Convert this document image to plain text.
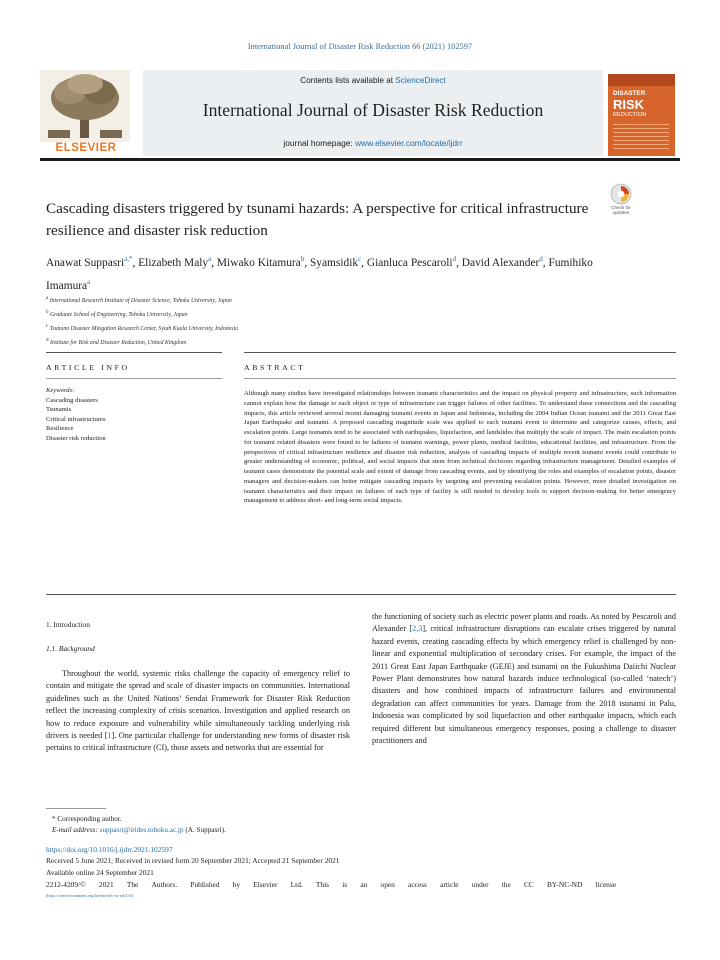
International Journal of Disaster Risk Reduction 66 (2021) 102597
ELSEVIER
Contents lists available at ScienceDirect
International Journal of Disaster Risk Reduction
journal homepage: www.elsevier.com/locate/ijdrr
DISASTER
RISK
REDUCTION
Cascading disasters triggered by tsunami hazards: A perspective for critical infrastructure resilience and disaster risk reduction
Check for
updates
Anawat Suppasri$^{a,*}$, Elizabeth Maly$^a$, Miwako Kitamura$^b$, Syamsidik$^c$, Gianluca Pescaroli$^d$, David Alexander$^d$, Fumihiko Imamura$^a$
$^a$ International Research Institute of Disaster Science, Tohoku University, Japan
$^b$ Graduate School of Engineering, Tohoku University, Japan
$^c$ Tsunami Disaster Mitigation Research Center, Syiah Kuala University, Indonesia
$^d$ Institute for Risk and Disaster Reduction, United Kingdom
ARTICLE INFO	ABSTRACT
Keywords:
Cascading disasters
Tsunamis
Critical infrastructures
Resilience
Disaster risk reduction
Although many studies have investigated relationships between tsunami characteristics and the impact on physical property and infrastructure, such information cannot explain how the damage to each object or type of infrastructure can trigger failures of other facilities. To understand these connections and the cascading impacts, this article reviewed several recent damaging tsunami events in Japan and Indonesia, including the 2004 Indian Ocean tsunami and the 2011 Great East Japan Earthquake and tsunami. A proposed cascading magnitude scale was applied to each tsunami event to determine and categorize causes, effects, and escalation points. Large tsunamis tend to be associated with earthquakes, liquefaction, and landslides that multiply the scale of impact. The main escalation points for tsunami related disasters were found to be failures of tsunami warnings, power plants, medical facilities, educational facilities, and infrastructure. From the perspectives of critical infrastructure resilience and disaster risk reduction, analysis of cascading impacts of multiple recent tsunami events could contribute to greater understanding of economic, political, and social impacts that stem from technical decisions regarding infrastructure management. Detailed examples of tsunami cases demonstrate the potential scale and extent of damage from cascading events, and by identifying the roles and examples of escalation points, disaster managers and decision-makers can better mitigate cascading impacts by targeting and preventing escalation points. However, more detailed investigation on tsunami characteristics and their impact on failures of each type of facility is still needed to develop tools to support decision-making for better emergency management to address short- and long-term social impacts.
1. Introduction
1.1. Background

Throughout the world, systemic risks challenge the capacity of emergency relief to contain and mitigate the spread and scale of disaster impacts on communities. International guidelines such as the United Nations’ Sendai Framework for Disaster Risk Reduction reflect the increasing complexity of crisis scenarios. Investigation and applied research on how to reduce exposure and vulnerability while simultaneously tackling underlying risk drivers is needed [1]. One particular challenge for understanding new forms of disaster risk pertains to critical infrastructure (CI), those assets and networks that are essential for

the functioning of society such as electric power plants and roads. As noted by Pescaroli and Alexander [2,3], critical infrastructure disruptions can escalate crises triggered by natural hazard events, creating cascading effects by which emergency relief is challenged by non-linear and exponential multiplication of secondary crises. For example, the impact of the 2011 Great East Japan Earthquake (GEJE) and tsunami on the Fukushima Daiichi Nuclear Power Plant demonstrates how natural hazards induce technological (so-called ‘natech’) disasters and how combined impacts of infrastructure failures and environmental degradation can affect communities for years. Damage from the 2018 tsunami in Palu, Indonesia was complicated by soil liquefaction and other earthquake impacts, which each required different but simultaneous emergency responses, posing a challenge to disaster practitioners and

* Corresponding author.
E-mail address: suppasri@irides.tohoku.ac.jp (A. Suppasri).
https://doi.org/10.1016/j.ijdrr.2021.102597
Received 5 June 2021; Received in revised form 20 September 2021; Accepted 21 September 2021
Available online 24 September 2021
2212-4209/© 2021 The Authors. Published by Elsevier Ltd. This is an open access article under the CC BY-NC-ND license
(http://creativecommons.org/licenses/by-nc-nd/4.0/).
